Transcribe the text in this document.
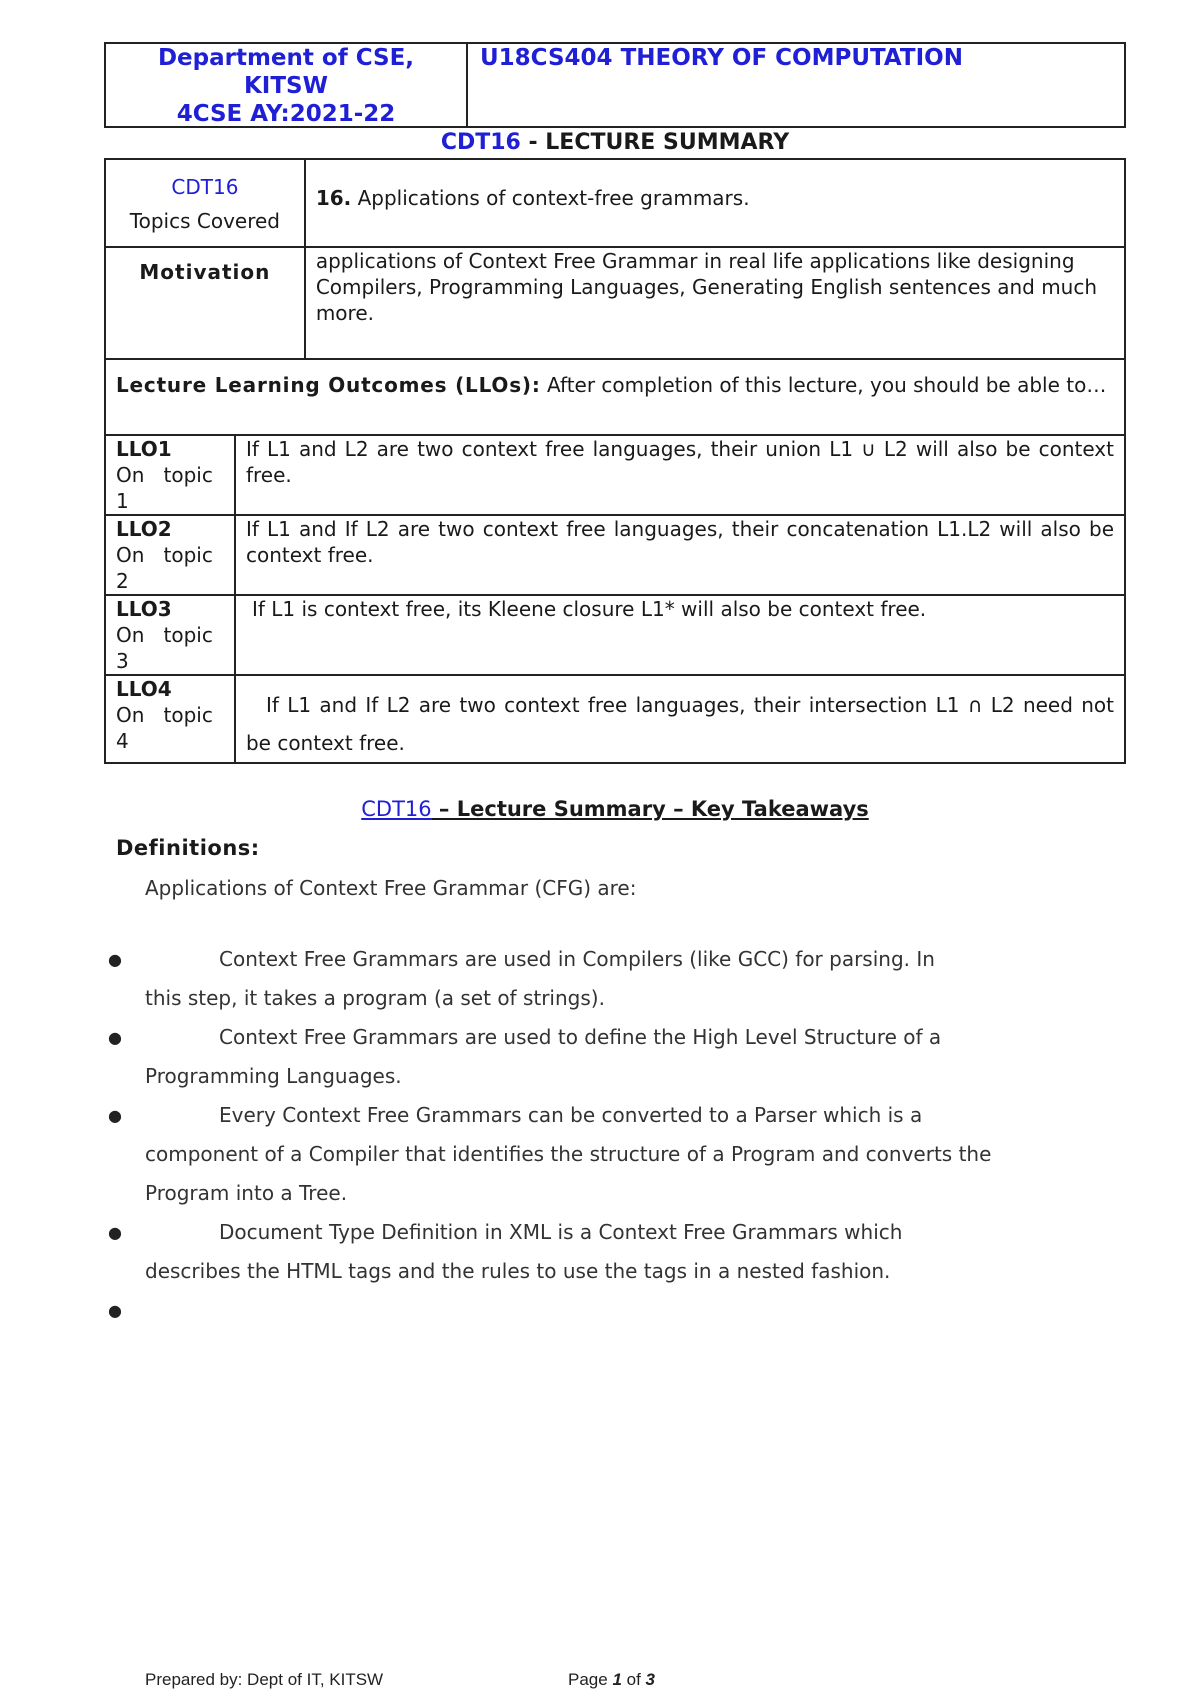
Department of CSE,
KITSW
4CSE AY:2021-22
U18CS404 THEORY OF COMPUTATION
CDT16 - LECTURE SUMMARY
CDT16
Topics Covered		16. Applications of context-free grammars.
Motivation		applications of Context Free Grammar in real life applications like designing Compilers, Programming Languages, Generating English sentences and much more.
Lecture Learning Outcomes (LLOs): After completion of this lecture, you should be able to…		

LLO1
On   topic
1	If L1 and L2 are two context free languages, their union L1 ∪ L2 will also be context free.	

LLO2
On   topic
2	If L1 and If L2 are two context free languages, their concatenation L1.L2 will also be context free.	

LLO3
On   topic
3	If L1 is context free, its Kleene closure L1* will also be context free.	

LLO4
On   topic
4	If L1 and If L2 are two context free languages, their intersection L1 ∩ L2 need not be context free.	
CDT16 – Lecture Summary – Key Takeaways
Definitions:
Applications of Context Free Grammar (CFG) are:
●	Context Free Grammars are used in Compilers (like GCC) for parsing. In
this step, it takes a program (a set of strings).
●	Context Free Grammars are used to define the High Level Structure of a
Programming Languages.
●	Every Context Free Grammars can be converted to a Parser which is a
component of a Compiler that identifies the structure of a Program and converts the Program into a Tree.
●	Document Type Definition in XML is a Context Free Grammars which
describes the HTML tags and the rules to use the tags in a nested fashion.
●

Prepared by: Dept of IT, KITSW	Page 1 of 3
